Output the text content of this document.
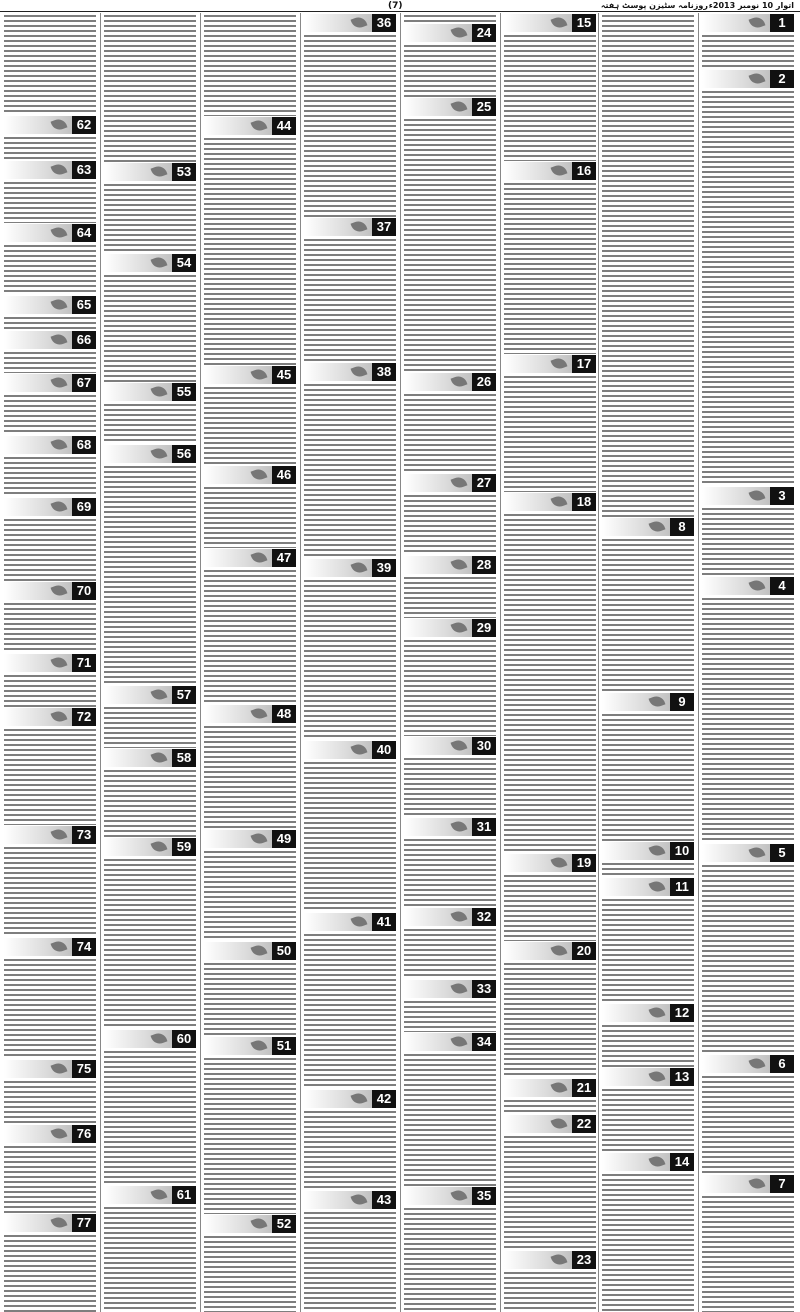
(7)	روزنامہ سٹیزن پوسٹ ہفتہ اتوار 10 نومبر 2013ء
62
63
64
65
66
67
68
69
70
71
72
73
74
75
76
77
53
54
55
56
57
58
59
60
61
44
45
46
47
48
49
50
51
52
36
37
38
39
40
41
42
43
24
25
26
27
28
29
30
31
32
33
34
35
15
16
17
18
19
20
21
22
23
8
9
10
11
12
13
14
1
2
3
4
5
6
7
